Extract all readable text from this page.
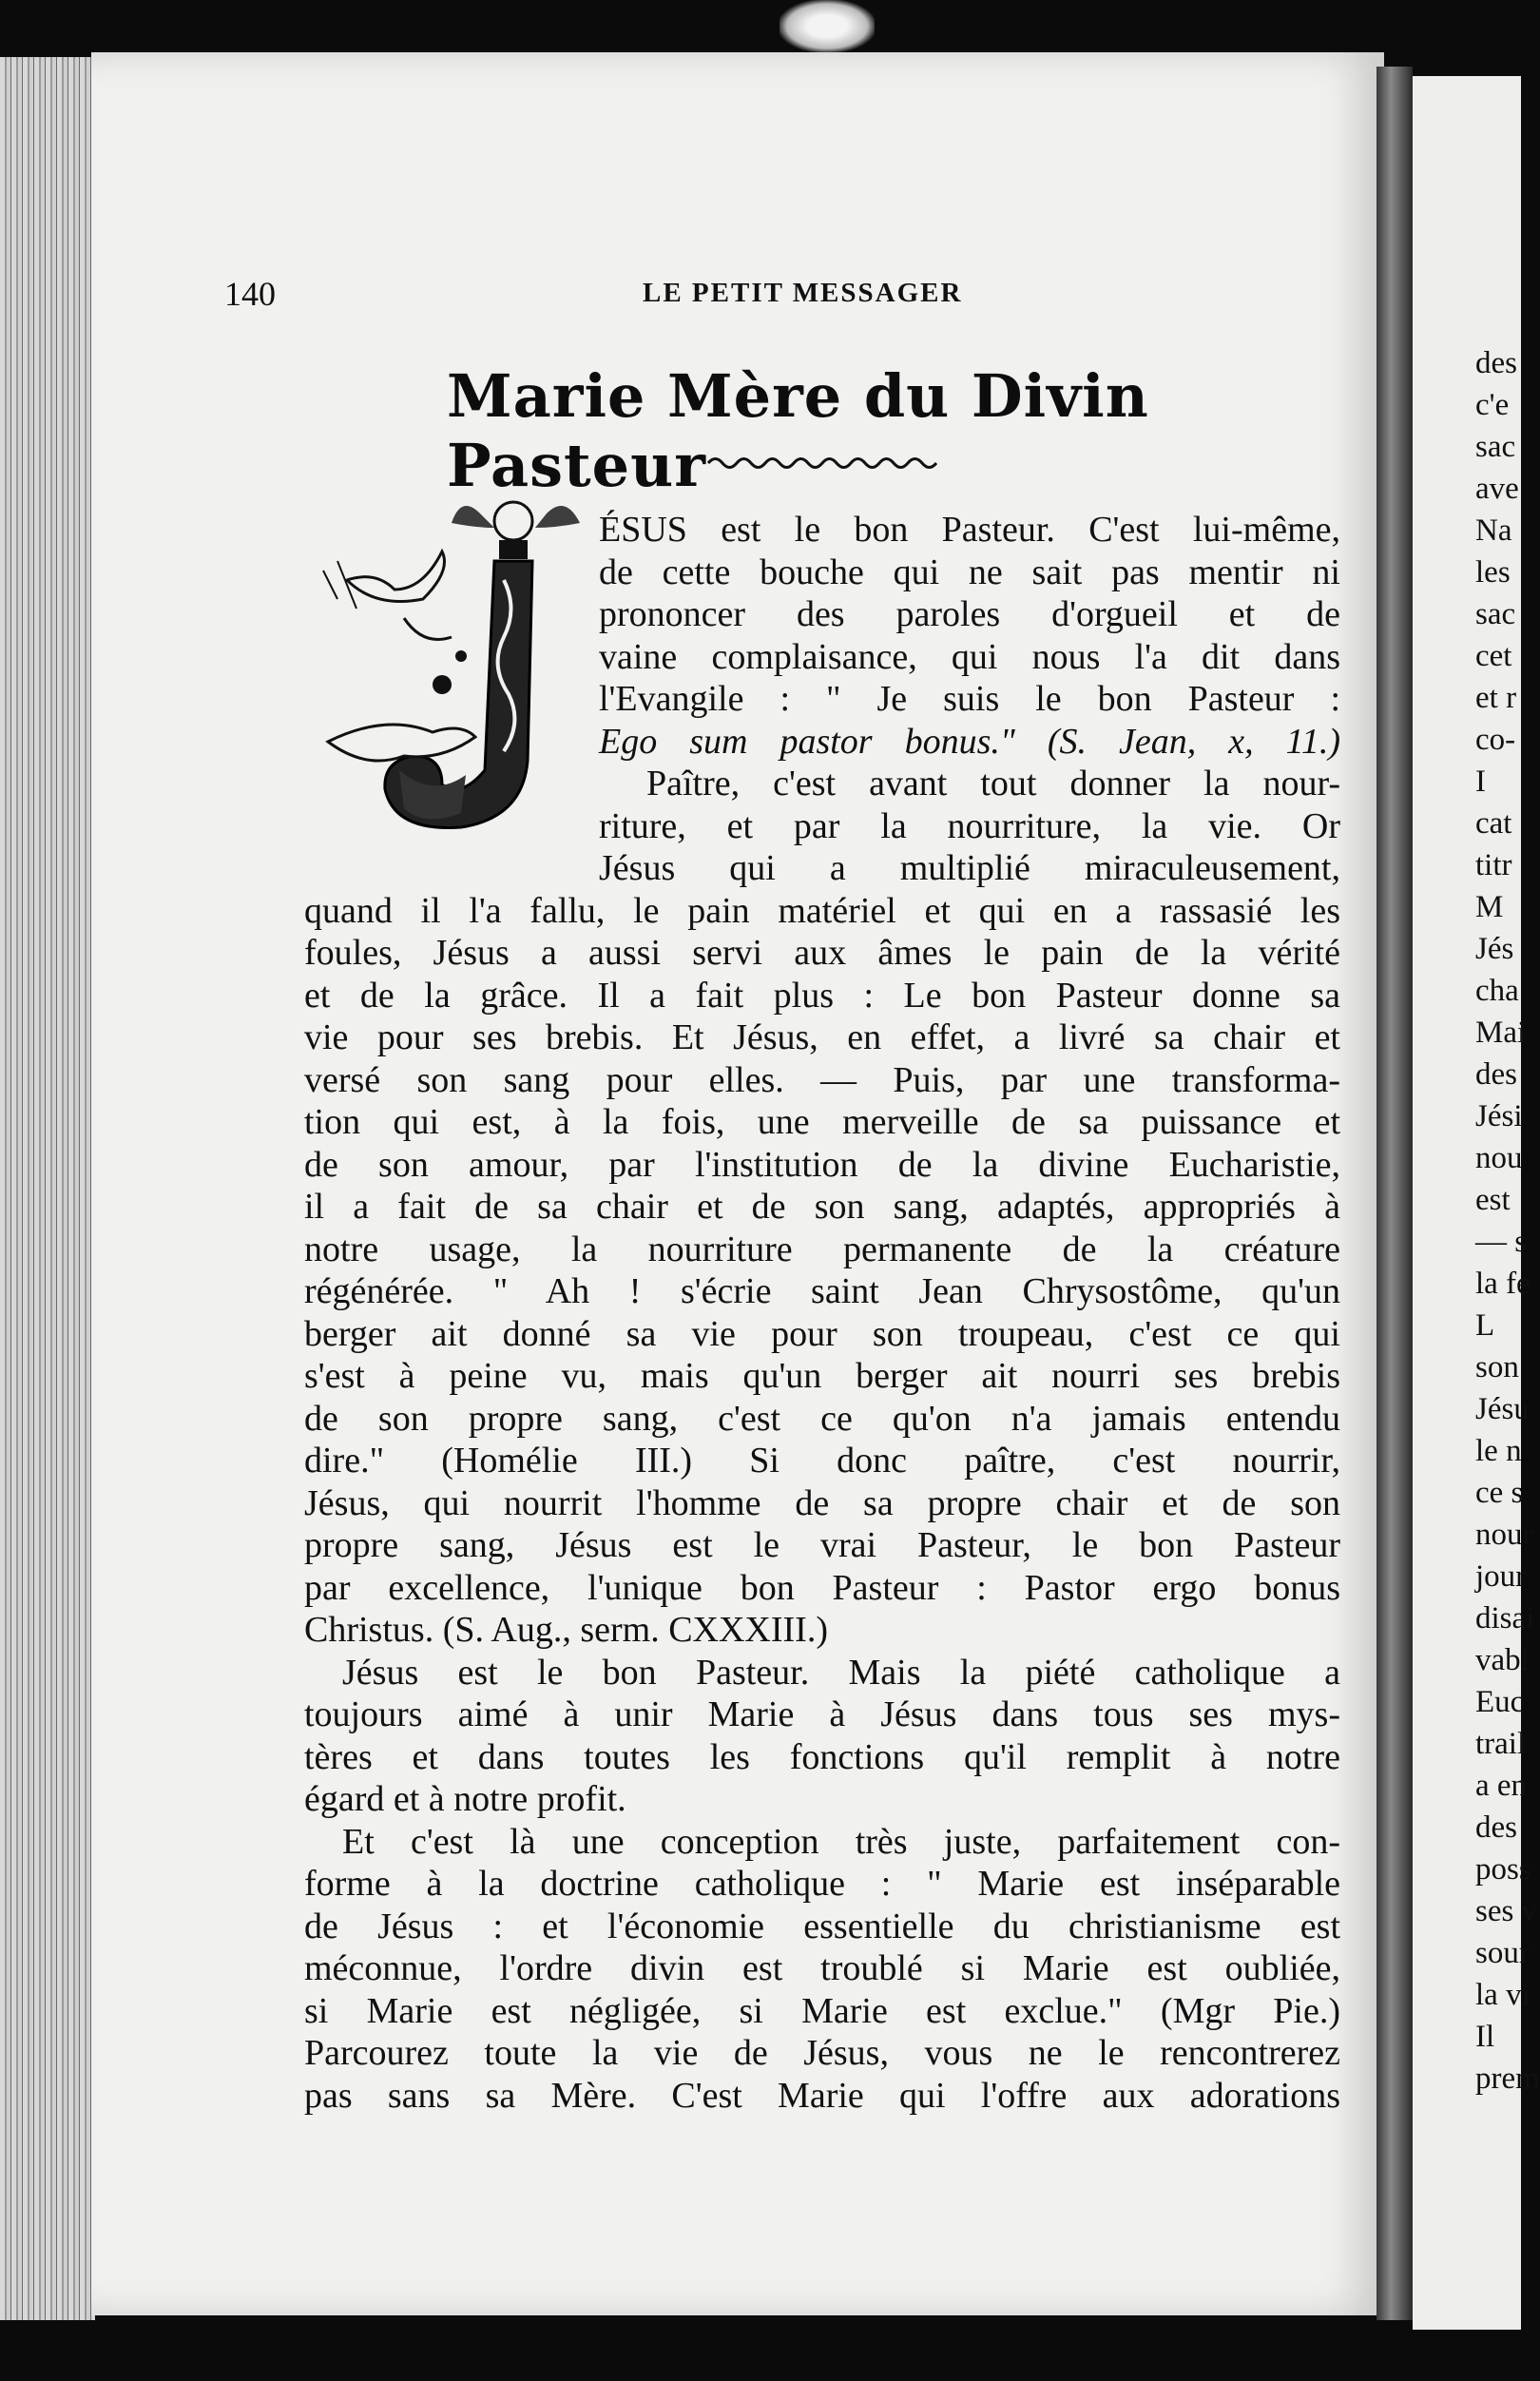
140	LE PETIT MESSAGER
Marie Mère du Divin Pasteur
ÉSUS est le bon Pasteur. C'est lui-même,
de cette bouche qui ne sait pas mentir ni
prononcer des paroles d'orgueil et de
vaine complaisance, qui nous l'a dit dans
l'Evangile : " Je suis le bon Pasteur :
Ego sum pastor bonus." (S. Jean, x, 11.)
Paître, c'est avant tout donner la nour-
riture, et par la nourriture, la vie. Or
Jésus qui a multiplié miraculeusement,
quand il l'a fallu, le pain matériel et qui en a rassasié les
foules, Jésus a aussi servi aux âmes le pain de la vérité
et de la grâce. Il a fait plus : Le bon Pasteur donne sa
vie pour ses brebis. Et Jésus, en effet, a livré sa chair et
versé son sang pour elles. — Puis, par une transforma-
tion qui est, à la fois, une merveille de sa puissance et
de son amour, par l'institution de la divine Eucharistie,
il a fait de sa chair et de son sang, adaptés, appropriés à
notre usage, la nourriture permanente de la créature
régénérée. " Ah ! s'écrie saint Jean Chrysostôme, qu'un
berger ait donné sa vie pour son troupeau, c'est ce qui
s'est à peine vu, mais qu'un berger ait nourri ses brebis
de son propre sang, c'est ce qu'on n'a jamais entendu
dire." (Homélie III.) Si donc paître, c'est nourrir,
Jésus, qui nourrit l'homme de sa propre chair et de son
propre sang, Jésus est le vrai Pasteur, le bon Pasteur
par excellence, l'unique bon Pasteur : Pastor ergo bonus
Christus. (S. Aug., serm. CXXXIII.)
Jésus est le bon Pasteur. Mais la piété catholique a
toujours aimé à unir Marie à Jésus dans tous ses mys-
tères et dans toutes les fonctions qu'il remplit à notre
égard et à notre profit.
Et c'est là une conception très juste, parfaitement con-
forme à la doctrine catholique : " Marie est inséparable
de Jésus : et l'économie essentielle du christianisme est
méconnue, l'ordre divin est troublé si Marie est oubliée,
si Marie est négligée, si Marie est exclue." (Mgr Pie.)
Parcourez toute la vie de Jésus, vous ne le rencontrerez
pas sans sa Mère. C'est Marie qui l'offre aux adorations
des
c'e
sac
ave
Na
les
sac
cet
et r
co-
I
cat
titr
M
Jés
cha
Mai
des
Jési
nou
est
— s
la fe
L
son
Jésu
le n
ce s
nour
jour
disai
vabl
Euc
trail
a en
des
poss
ses v
sour
la vi
Il
prem
